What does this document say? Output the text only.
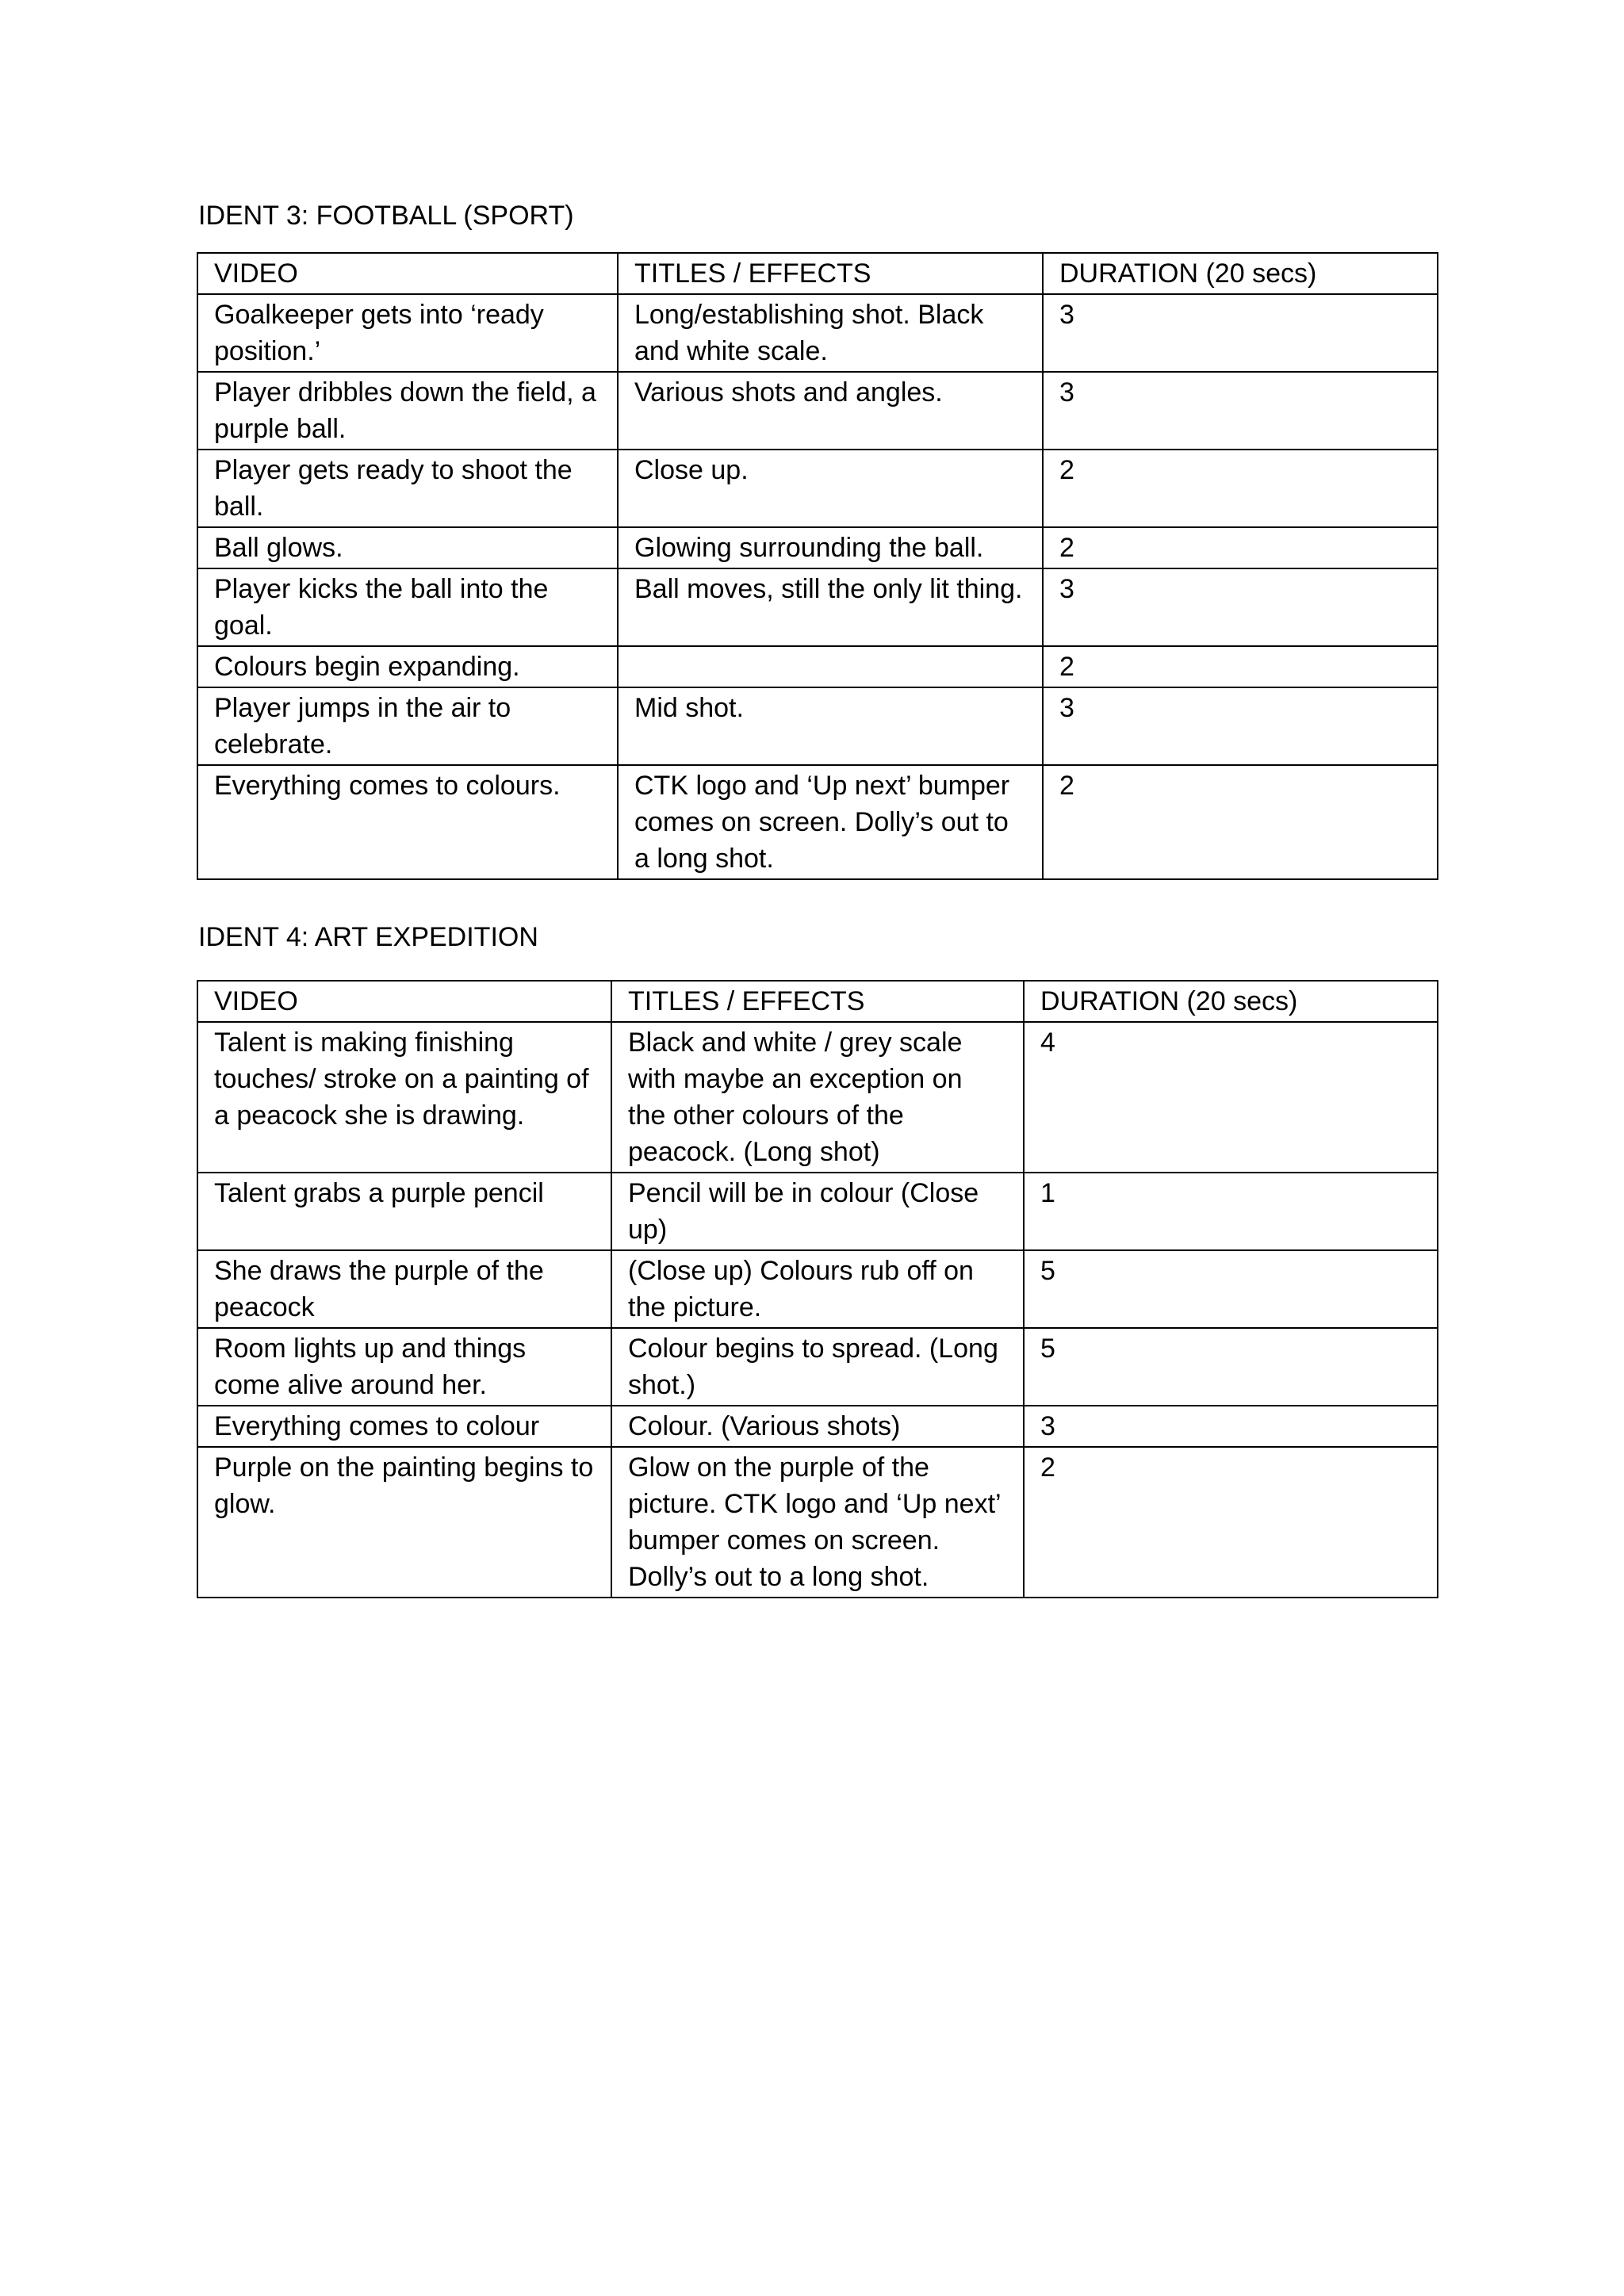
IDENT 3: FOOTBALL (SPORT)
VIDEO	TITLES / EFFECTS	DURATION (20 secs)
Goalkeeper gets into ‘ready position.’	Long/establishing shot. Black and white scale.	3
Player dribbles down the field, a purple ball.	Various shots and angles.	3
Player gets ready to shoot the ball.	Close up.	2
Ball glows.	Glowing surrounding the ball.	2
Player kicks the ball into the goal.	Ball moves, still the only lit thing.	3
Colours begin expanding.		2
Player jumps in the air to celebrate.	Mid shot.	3
Everything comes to colours.	CTK logo and ‘Up next’ bumper comes on screen. Dolly’s out to a long shot.	2
IDENT 4: ART EXPEDITION
VIDEO	TITLES / EFFECTS	DURATION (20 secs)
Talent is making finishing touches/ stroke on a painting of a peacock she is drawing.	Black and white / grey scale with maybe an exception on the other colours of the peacock. (Long shot)	4
Talent grabs a purple pencil	Pencil will be in colour (Close up)	1
She draws the purple of the peacock	(Close up) Colours rub off on the picture.	5
Room lights up and things come alive around her.	Colour begins to spread. (Long shot.)	5
Everything comes to colour	Colour. (Various shots)	3
Purple on the painting begins to glow.	Glow on the purple of the picture. CTK logo and ‘Up next’ bumper comes on screen. Dolly’s out to a long shot.	2
